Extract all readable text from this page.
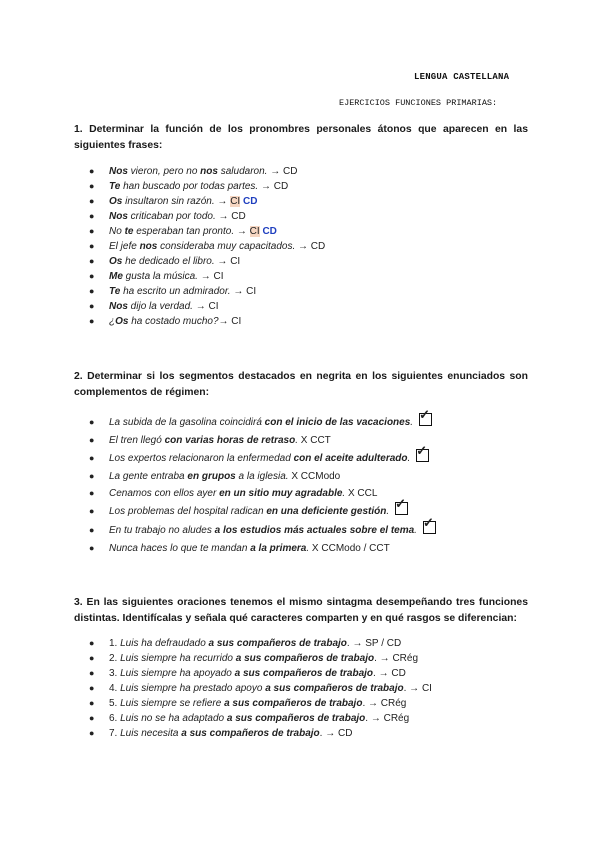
LENGUA CASTELLANA
EJERCICIOS FUNCIONES PRIMARIAS:
1. Determinar la función de los pronombres personales átonos que aparecen en las siguientes frases:
● Nos vieron, pero no nos saludaron. → CD
● Te han buscado por todas partes. → CD
● Os insultaron sin razón. → CI CD
● Nos criticaban por todo. → CD
● No te esperaban tan pronto. → CI CD
● El jefe nos consideraba muy capacitados. → CD
● Os he dedicado el libro. → CI
● Me gusta la música. → CI
● Te ha escrito un admirador. → CI
● Nos dijo la verdad. → CI
● ¿Os ha costado mucho?→ CI
2. Determinar si los segmentos destacados en negrita en los siguientes enunciados son complementos de régimen:
● La subida de la gasolina coincidirá con el inicio de las vacaciones.
✓
● El tren llegó con varias horas de retraso. X CCT
● Los expertos relacionaron la enfermedad con el aceite adulterado.
✓
● La gente entraba en grupos a la iglesia. X CCModo
● Cenamos con ellos ayer en un sitio muy agradable. X CCL
● Los problemas del hospital radican en una deficiente gestión.
✓
● En tu trabajo no aludes a los estudios más actuales sobre el tema.
✓
● Nunca haces lo que te mandan a la primera. X CCModo / CCT
3. En las siguientes oraciones tenemos el mismo sintagma desempeñando tres funciones distintas. Identifícalas y señala qué caracteres comparten y en qué rasgos se diferencian:
● 1. Luis ha defraudado a sus compañeros de trabajo. → SP / CD
● 2. Luis siempre ha recurrido a sus compañeros de trabajo. → CRég
● 3. Luis siempre ha apoyado a sus compañeros de trabajo. → CD
● 4. Luis siempre ha prestado apoyo a sus compañeros de trabajo. → CI
● 5. Luis siempre se refiere a sus compañeros de trabajo. → CRég
● 6. Luis no se ha adaptado a sus compañeros de trabajo. → CRég
● 7. Luis necesita a sus compañeros de trabajo. → CD
